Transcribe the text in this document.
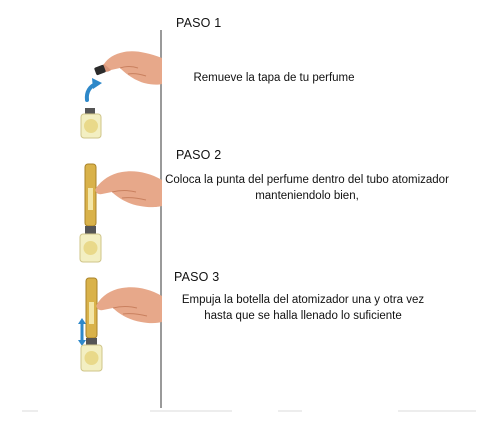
PASO 1
Remueve la tapa de tu perfume
PASO 2
Coloca la punta del perfume dentro del tubo atomizador
manteniendolo bien,
PASO 3
Empuja la botella del atomizador una y otra vez
hasta que se halla llenado lo suficiente
